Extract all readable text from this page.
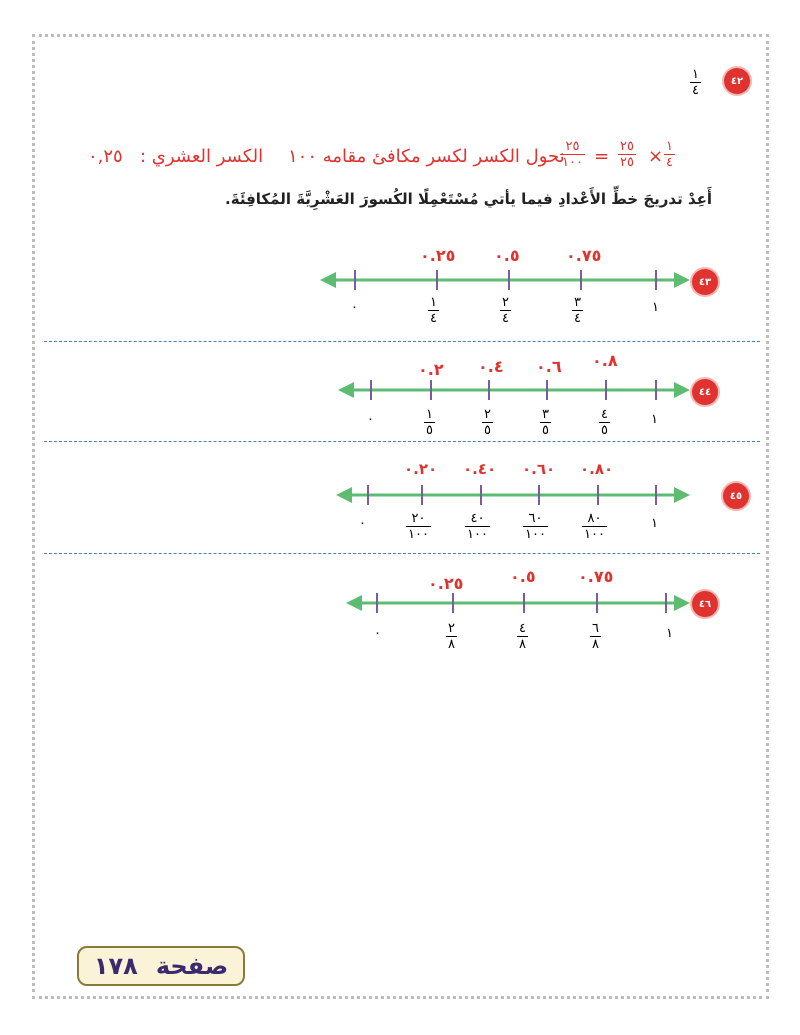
٤٢
$\frac{١}{٤}$
٠,٢٥ الكسر العشري : نحول الكسر لكسر مكافئ مقامه ١٠٠
$\frac{٢٥}{١٠٠} = \frac{٢٥}{٢٥} \times \frac{١}{٤}$
أَعِدْ تدريجَ خطِّ الأَعْدادِ فيما يأتي مُسْتَعْمِلًا الكُسورَ العَشْرِيَّةَ المُكافِئَةَ.
٤٣
٠.٢٥ ٠.٥	٠.٧٥
٠	$\frac{١}{٤}$	$\frac{٢}{٤}$	$\frac{٣}{٤}$	١
٤٤
٠.٢ ٠.٤ ٠.٦ ٠.٨
٠	$\frac{١}{٥}$	$\frac{٢}{٥}$	$\frac{٣}{٥}$	$\frac{٤}{٥}$	١
٤٥
٠.٢٠ ٠.٤٠ ٠.٦٠ ٠.٨٠
٠	$\frac{٢٠}{١٠٠}$	$\frac{٤٠}{١٠٠}$	$\frac{٦٠}{١٠٠}$	$\frac{٨٠}{١٠٠}$	١
٤٦
٠.٢٥	٠.٥	٠.٧٥
٠	$\frac{٢}{٨}$	$\frac{٤}{٨}$	$\frac{٦}{٨}$	١
١٧٨ صفحة
